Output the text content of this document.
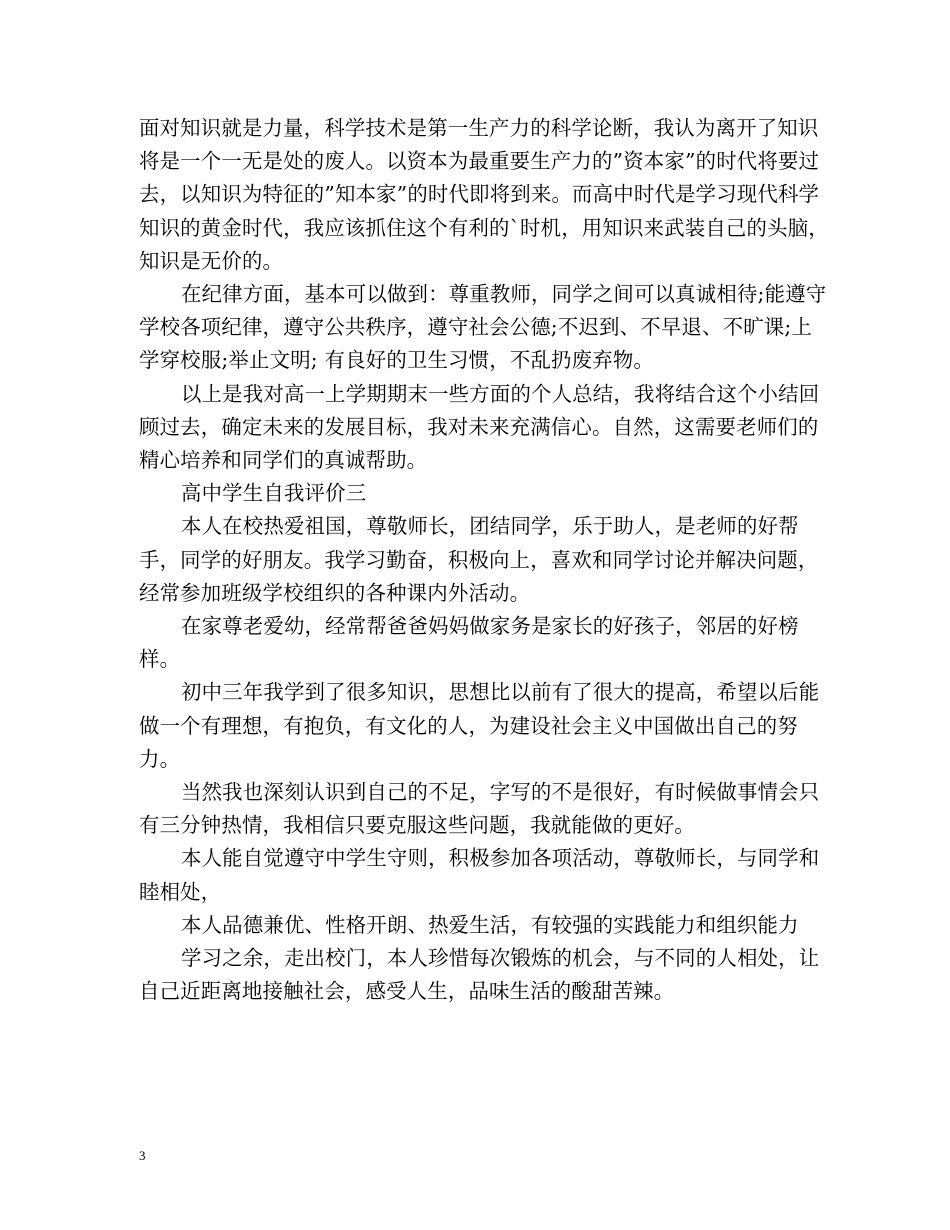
面对知识就是力量，科学技术是第一生产力的科学论断，我认为离开了知识将是一个一无是处的废人。以资本为最重要生产力的”资本家”的时代将要过去，以知识为特征的”知本家”的时代即将到来。而高中时代是学习现代科学知识的黄金时代，我应该抓住这个有利的`时机，用知识来武装自己的头脑，知识是无价的。

在纪律方面，基本可以做到：尊重教师，同学之间可以真诚相待;能遵守学校各项纪律，遵守公共秩序，遵守社会公德;不迟到、不早退、不旷课;上学穿校服;举止文明; 有良好的卫生习惯，不乱扔废弃物。

以上是我对高一上学期期末一些方面的个人总结，我将结合这个小结回顾过去，确定未来的发展目标，我对未来充满信心。自然，这需要老师们的精心培养和同学们的真诚帮助。

高中学生自我评价三

本人在校热爱祖国，尊敬师长，团结同学，乐于助人，是老师的好帮手，同学的好朋友。我学习勤奋，积极向上，喜欢和同学讨论并解决问题，经常参加班级学校组织的各种课内外活动。

在家尊老爱幼，经常帮爸爸妈妈做家务是家长的好孩子，邻居的好榜样。

初中三年我学到了很多知识，思想比以前有了很大的提高，希望以后能做一个有理想，有抱负，有文化的人，为建设社会主义中国做出自己的努力。

当然我也深刻认识到自己的不足，字写的不是很好，有时候做事情会只有三分钟热情，我相信只要克服这些问题，我就能做的更好。

本人能自觉遵守中学生守则，积极参加各项活动，尊敬师长，与同学和睦相处，

本人品德兼优、性格开朗、热爱生活，有较强的实践能力和组织能力

学习之余，走出校门，本人珍惜每次锻炼的机会，与不同的人相处，让自己近距离地接触社会，感受人生，品味生活的酸甜苦辣。

3
